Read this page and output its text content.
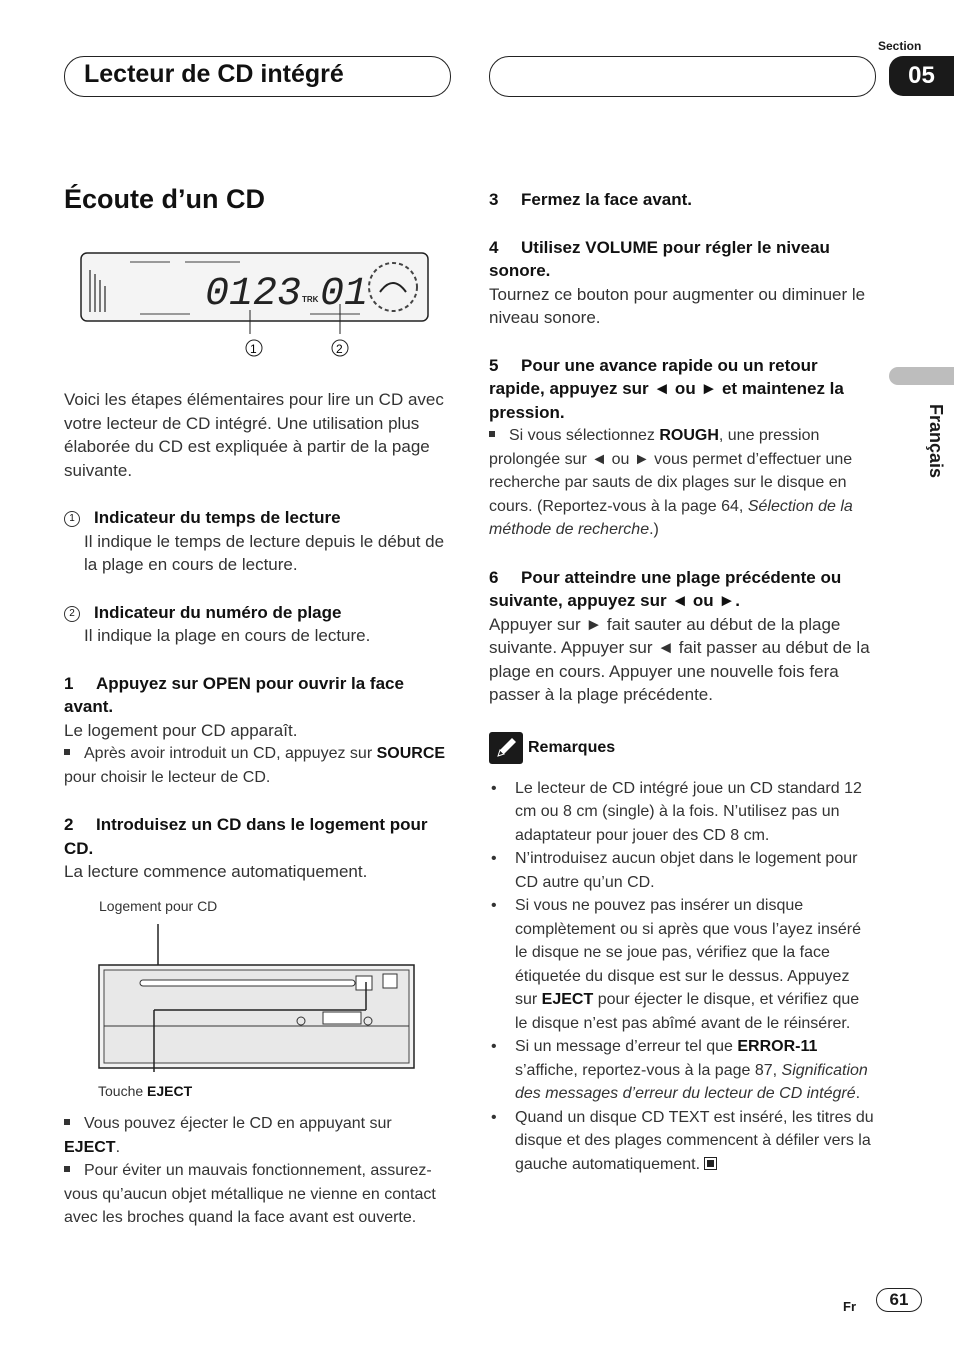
Lecteur de CD intégré
Section
05
Français
Écoute d’un CD
0123 TRK 01
1	2

Voici les étapes élémentaires pour lire un CD avec votre lecteur de CD intégré. Une utilisation plus élaborée du CD est expliquée à partir de la page suivante.

1 Indicateur du temps de lecture

Il indique le temps de lecture depuis le début de la plage en cours de lecture.

2 Indicateur du numéro de plage

Il indique la plage en cours de lecture.

1 Appuyez sur OPEN pour ouvrir la face avant.

Le logement pour CD apparaît.

Après avoir introduit un CD, appuyez sur SOURCE pour choisir le lecteur de CD.

2 Introduisez un CD dans le logement pour CD.

La lecture commence automatiquement.

Logement pour CD
Touche EJECT

Vous pouvez éjecter le CD en appuyant sur EJECT.

Pour éviter un mauvais fonctionnement, assurez-vous qu’aucun objet métallique ne vienne en contact avec les broches quand la face avant est ouverte.

3 Fermez la face avant.

4 Utilisez VOLUME pour régler le niveau sonore.

Tournez ce bouton pour augmenter ou diminuer le niveau sonore.

5 Pour une avance rapide ou un retour rapide, appuyez sur ◄ ou ► et maintenez la pression.

Si vous sélectionnez ROUGH, une pression prolongée sur ◄ ou ► vous permet d’effectuer une recherche par sauts de dix plages sur le disque en cours. (Reportez-vous à la page 64, Sélection de la méthode de recherche.)

6 Pour atteindre une plage précédente ou suivante, appuyez sur ◄ ou ►.

Appuyer sur ► fait sauter au début de la plage suivante. Appuyer sur ◄ fait passer au début de la plage en cours. Appuyer une nouvelle fois fera passer à la plage précédente.

Remarques
• Le lecteur de CD intégré joue un CD standard 12 cm ou 8 cm (single) à la fois. N’utilisez pas un adaptateur pour jouer des CD 8 cm.
• N’introduisez aucun objet dans le logement pour CD autre qu’un CD.
• Si vous ne pouvez pas insérer un disque complètement ou si après que vous l’ayez inséré le disque ne se joue pas, vérifiez que la face étiquetée du disque est sur le dessus. Appuyez sur EJECT pour éjecter le disque, et vérifiez que le disque n’est pas abîmé avant de le réinsérer.
• Si un message d’erreur tel que ERROR-11 s’affiche, reportez-vous à la page 87, Signification des messages d’erreur du lecteur de CD intégré.
• Quand un disque CD TEXT est inséré, les titres du disque et des plages commencent à défiler vers la gauche automatiquement.
Fr	61
